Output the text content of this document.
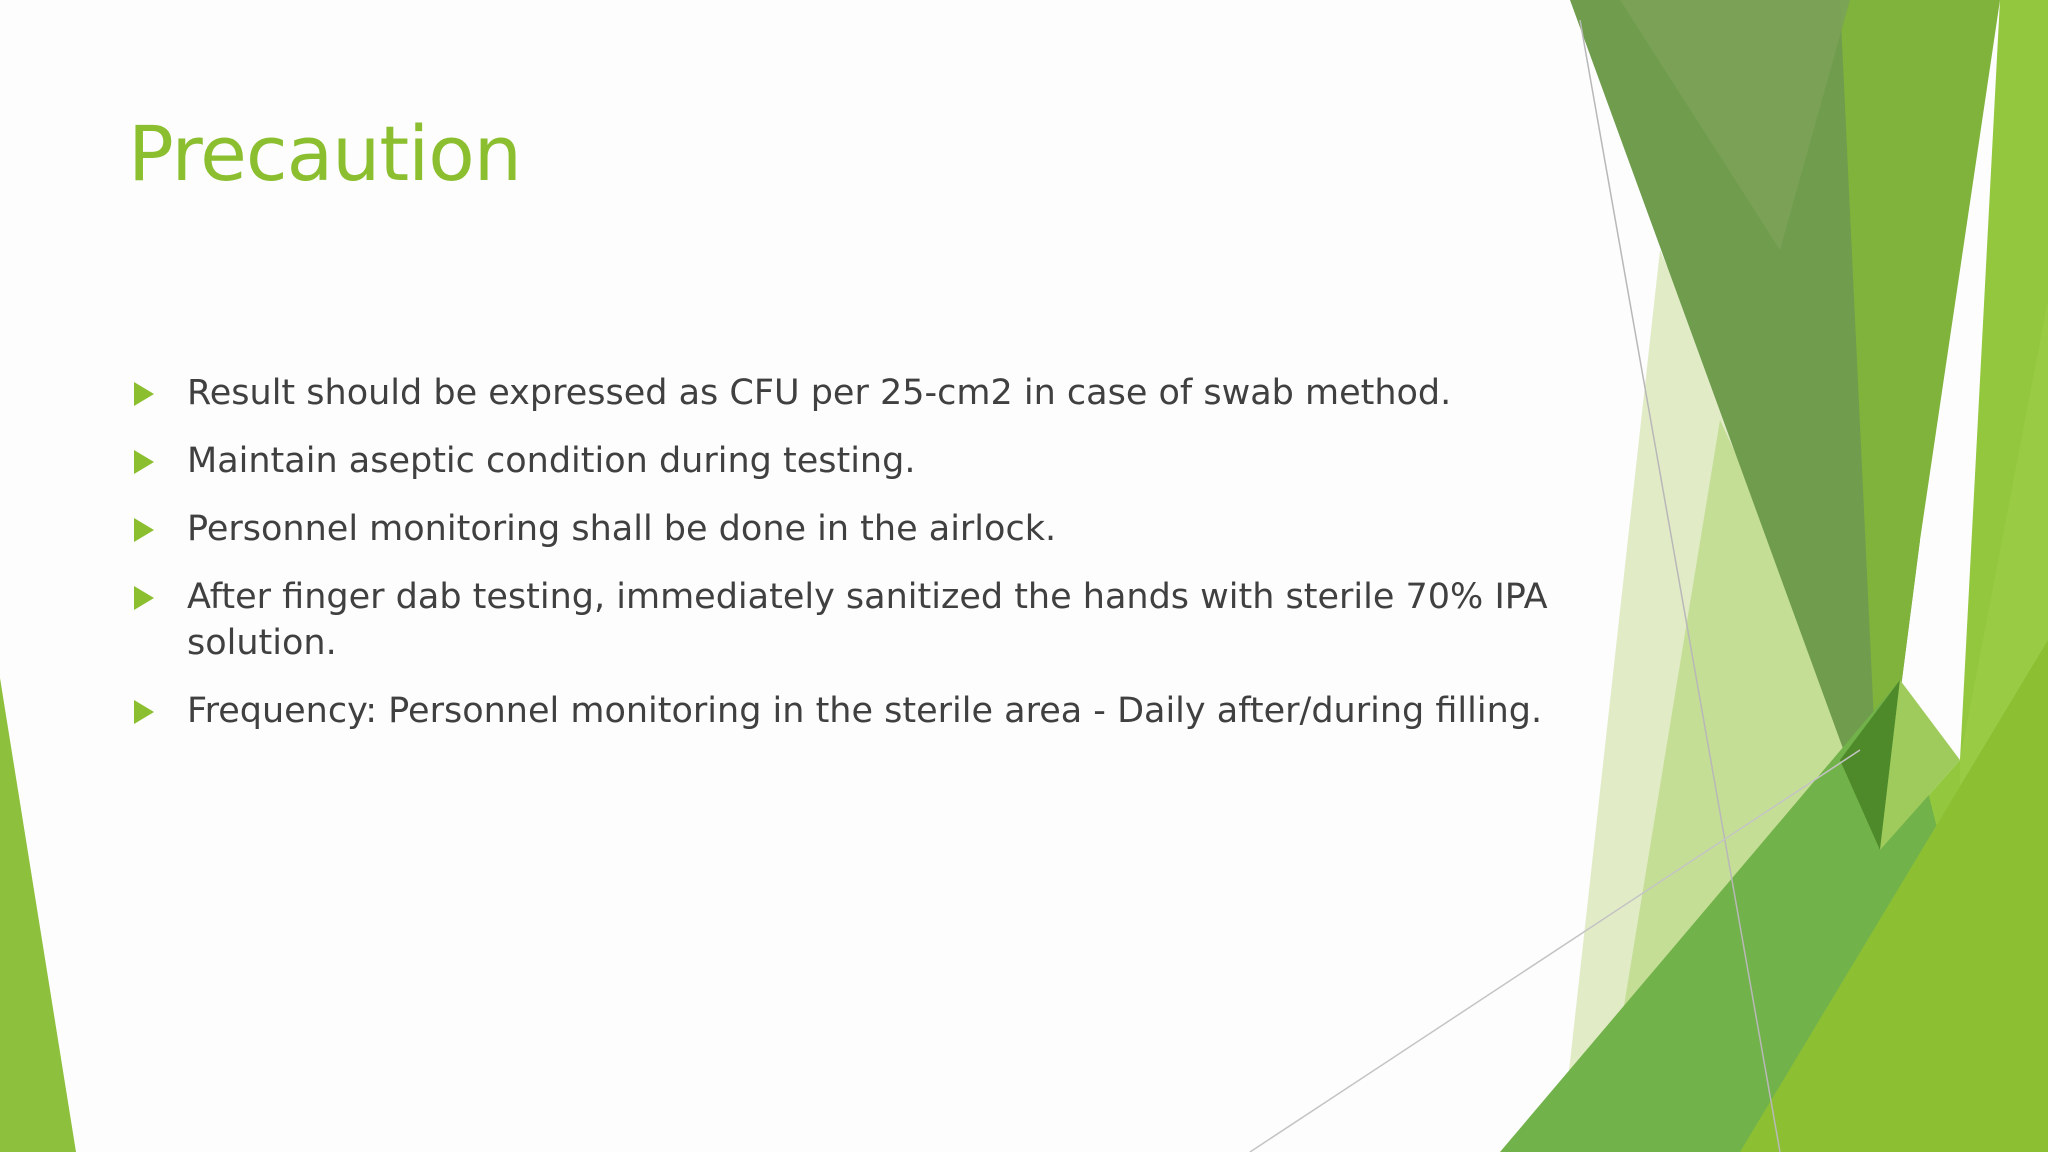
Precaution
Result should be expressed as CFU per 25-cm2 in case of swab method.
Maintain aseptic condition during testing.
Personnel monitoring shall be done in the airlock.
After finger dab testing, immediately sanitized the hands with sterile 70% IPA solution.
Frequency: Personnel monitoring in the sterile area - Daily after/during filling.
